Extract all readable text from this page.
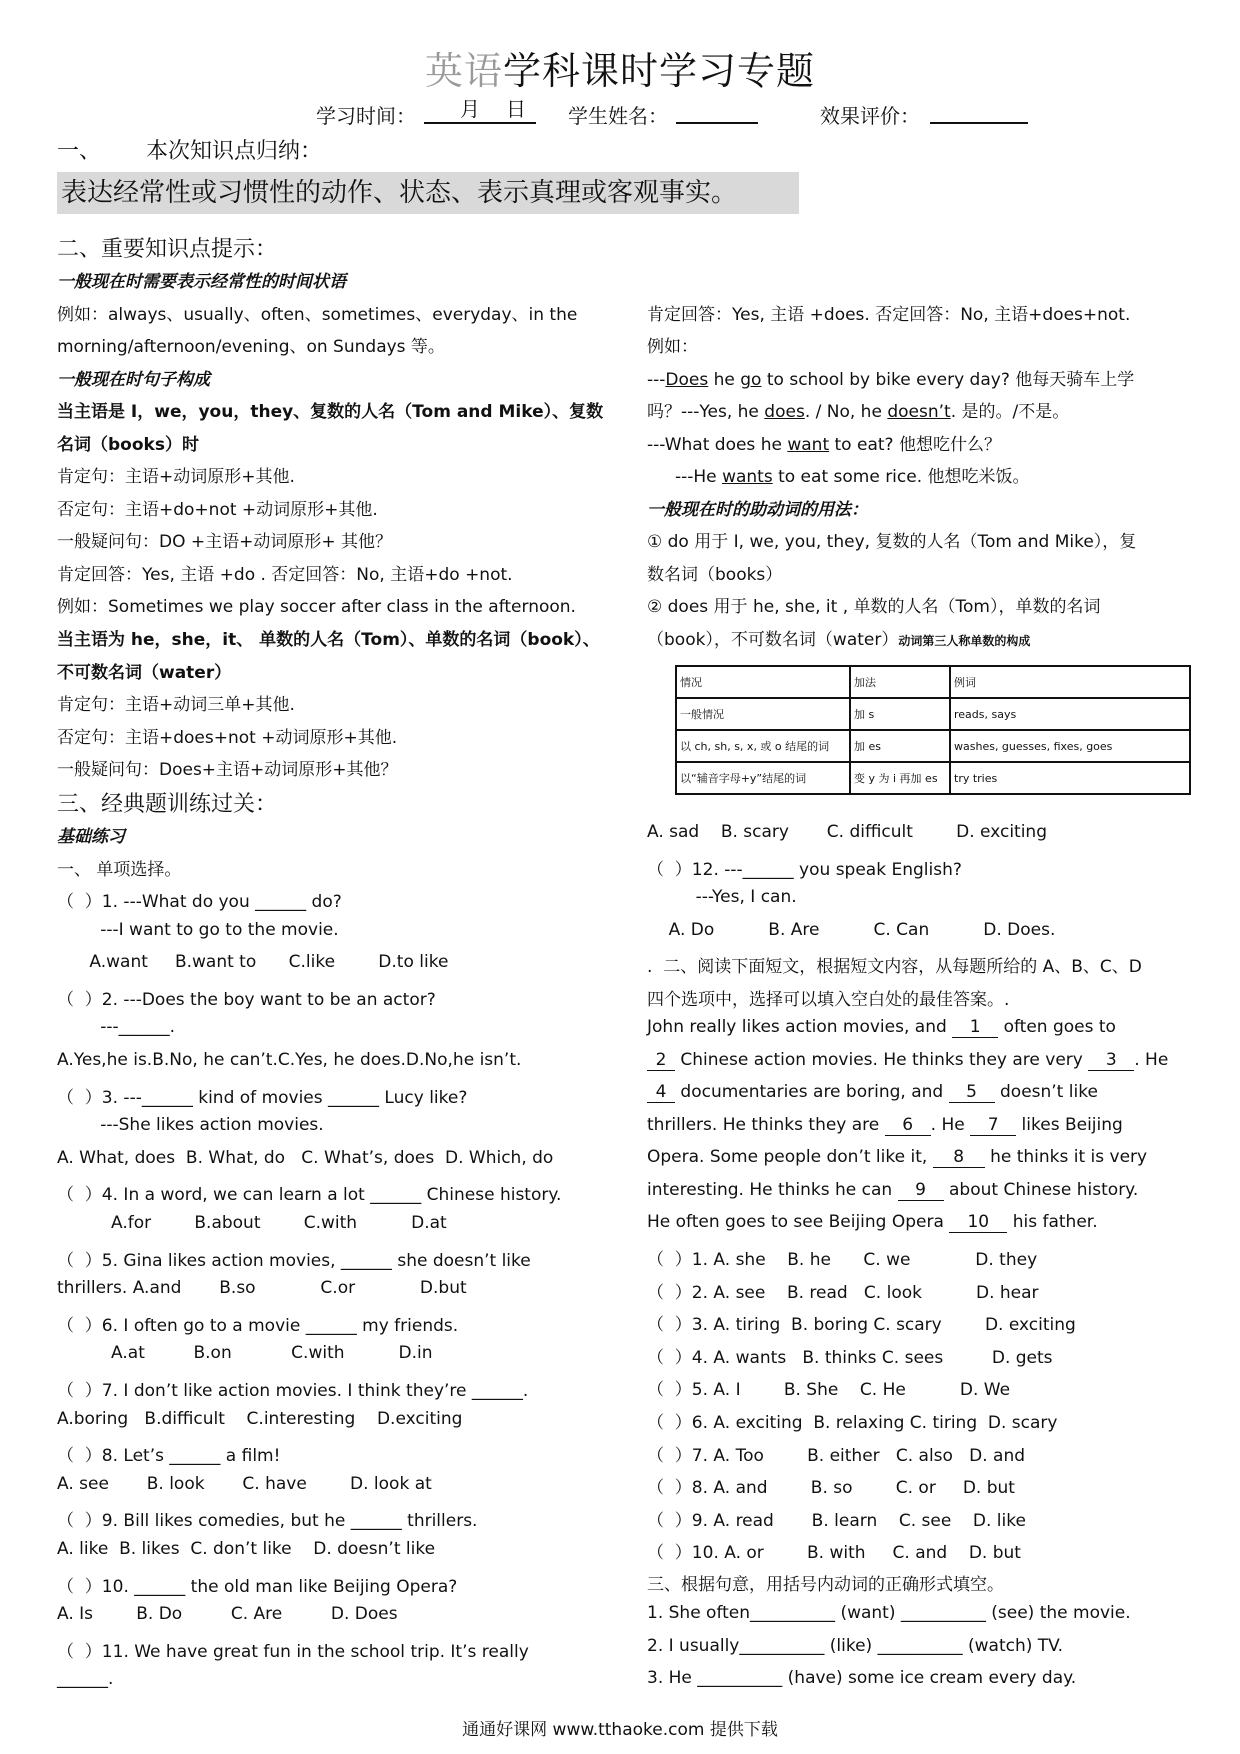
英语学科课时学习专题
学习时间： 月 日 学生姓名：	效果评价：
一、 本次知识点归纳：
表达经常性或习惯性的动作、状态、表示真理或客观事实。
二、重要知识点提示：
一般现在时需要表示经常性的时间状语
例如：always、usually、often、sometimes、everyday、in the
morning/afternoon/evening、on Sundays 等。
一般现在时句子构成
当主语是 I，we，you，they、复数的人名（Tom and Mike）、复数
名词（books）时
肯定句：主语+动词原形+其他.
否定句：主语+do+not +动词原形+其他.
一般疑问句：DO +主语+动词原形+ 其他？
肯定回答：Yes, 主语 +do . 否定回答：No, 主语+do +not.
例如：Sometimes we play soccer after class in the afternoon.
当主语为 he，she，it、 单数的人名（Tom）、单数的名词（book）、
不可数名词（water）
肯定句：主语+动词三单+其他.
否定句：主语+does+not +动词原形+其他.
一般疑问句：Does+主语+动词原形+其他？
三、经典题训练过关：
基础练习
一、 单项选择。
（  ）1. ---What do you ______ do?
---I want to go to the movie.
A.want     B.want to      C.like        D.to like
（  ）2. ---Does the boy want to be an actor?
---______.
A.Yes,he is.B.No, he can’t.C.Yes, he does.D.No,he isn’t.
（  ）3. ---______ kind of movies ______ Lucy like?
---She likes action movies.
A. What, does  B. What, do   C. What’s, does  D. Which, do
（  ）4. In a word, we can learn a lot ______ Chinese history.
A.for        B.about        C.with          D.at
（  ）5. Gina likes action movies, ______ she doesn’t like
thrillers. A.and       B.so            C.or            D.but
（  ）6. I often go to a movie ______ my friends.
A.at         B.on           C.with          D.in
（  ）7. I don’t like action movies. I think they’re ______.
A.boring   B.difficult    C.interesting    D.exciting
（  ）8. Let’s ______ a film!
A. see       B. look       C. have        D. look at
（  ）9. Bill likes comedies, but he ______ thrillers.
A. like  B. likes  C. don’t like    D. doesn’t like
（  ）10. ______ the old man like Beijing Opera?
A. Is        B. Do         C. Are         D. Does
（  ）11. We have great fun in the school trip. It’s really
______.
肯定回答：Yes, 主语 +does. 否定回答：No, 主语+does+not.
例如：
---Does he go to school by bike every day? 他每天骑车上学
吗？---Yes, he does. / No, he doesn’t. 是的。/不是。
---What does he want to eat? 他想吃什么？
---He wants to eat some rice. 他想吃米饭。
一般现在时的助动词的用法：
① do 用于 I, we, you, they, 复数的人名（Tom and Mike），复
数名词（books）
② does 用于 he, she, it , 单数的人名（Tom），单数的名词
（book），不可数名词（water）动词第三人称单数的构成
情况	加法	例词
一般情况	加 s	reads, says
以 ch, sh, s, x, 或 o 结尾的词	加 es	washes, guesses, fixes, goes
以“辅音字母+y”结尾的词	变 y 为 i 再加 es	try tries
A. sad    B. scary       C. difficult        D. exciting
（  ）12. ---______ you speak English?
---Yes, I can.
A. Do          B. Are          C. Can          D. Does.
.  二、阅读下面短文，根据短文内容，从每题所给的 A、B、C、D
四个选项中，选择可以填入空白处的最佳答案。.
John really likes action movies, and 1 often goes to
2 Chinese action movies. He thinks they are very 3 . He
4 documentaries are boring, and 5 doesn’t like
thrillers. He thinks they are 6 . He 7 likes Beijing
Opera. Some people don’t like it, 8 he thinks it is very
interesting. He thinks he can 9 about Chinese history.
He often goes to see Beijing Opera 10 his father.
（  ）1. A. she    B. he      C. we            D. they
（  ）2. A. see    B. read   C. look          D. hear
（  ）3. A. tiring  B. boring C. scary        D. exciting
（  ）4. A. wants   B. thinks C. sees         D. gets
（  ）5. A. I        B. She    C. He          D. We
（  ）6. A. exciting  B. relaxing C. tiring  D. scary
（  ）7. A. Too        B. either   C. also   D. and
（  ）8. A. and        B. so        C. or     D. but
（  ）9. A. read       B. learn    C. see    D. like
（  ）10. A. or        B. with     C. and    D. but
三、根据句意，用括号内动词的正确形式填空。
1. She often__________ (want) __________ (see) the movie.
2. I usually__________ (like) __________ (watch) TV.
3. He __________ (have) some ice cream every day.
通通好课网 www.tthaoke.com 提供下载
